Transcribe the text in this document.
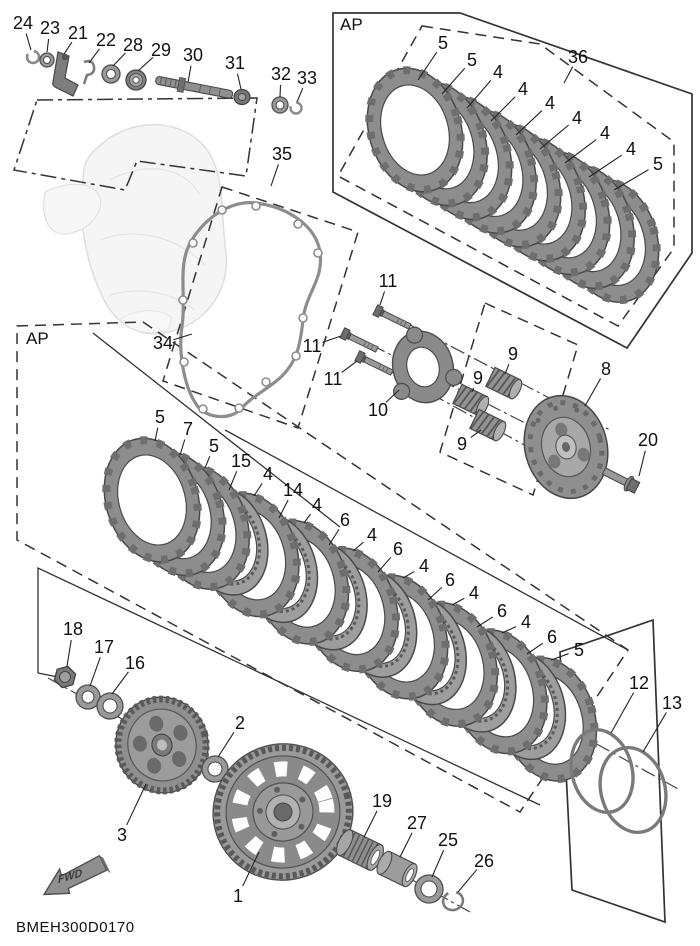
24 23 21 22 28 29 30 31
32 33
35
34
36
5
5
4
4
4
4
4
4
5
5
7
5
15
4
14
4
6
4
6
4
6
4
6
4
6
5
11
11
11
10
9
9
9
8
20
18
17
16
3
2
1
19
27
25
26
12
13
AP
AP
FWD
BMEH300D0170
